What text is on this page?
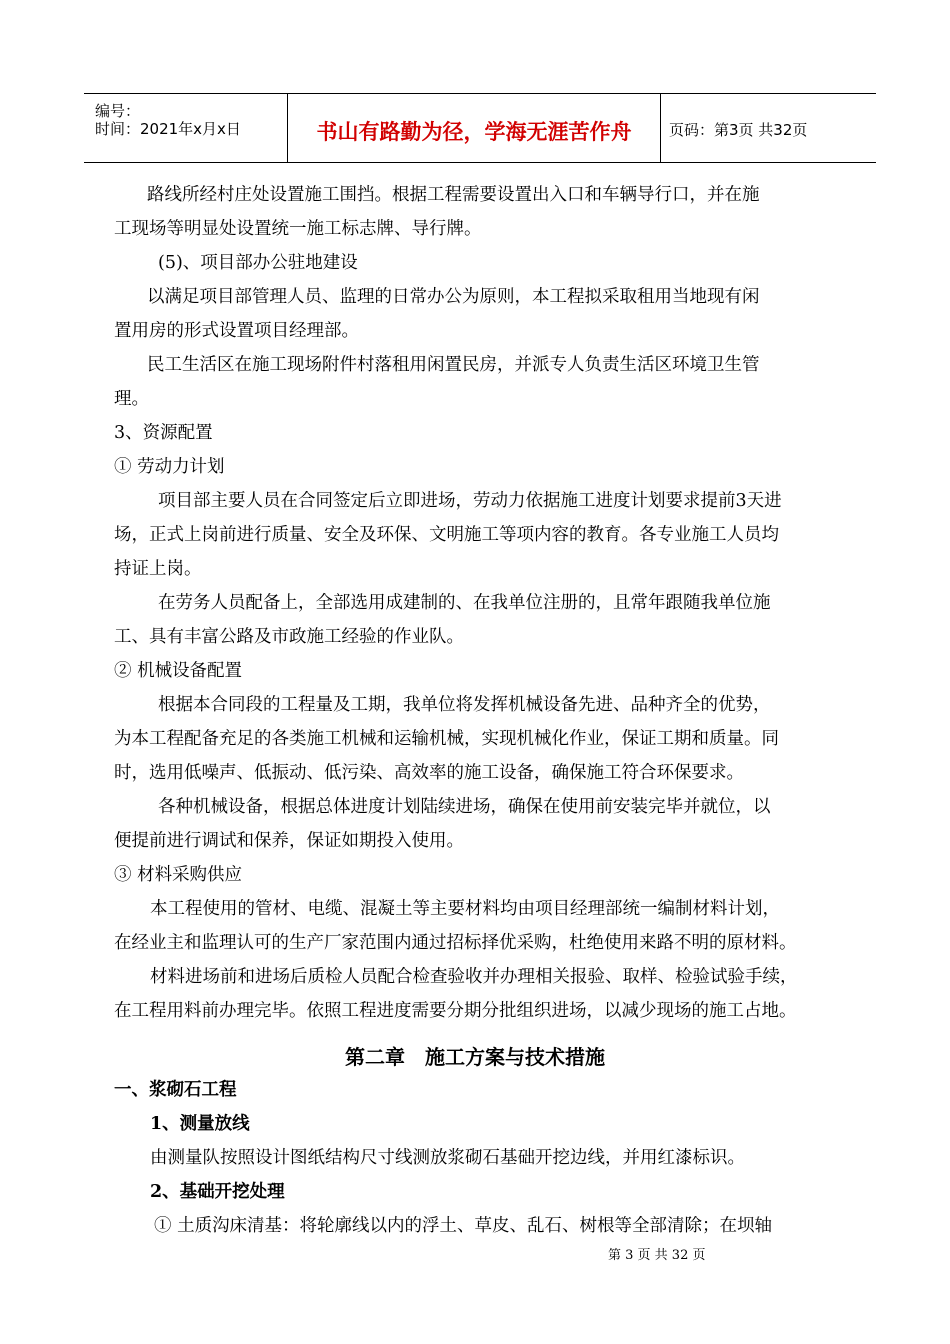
编号：
时间：2021年x月x日	书山有路勤为径，学海无涯苦作舟	页码：第3页 共32页
路线所经村庄处设置施工围挡。根据工程需要设置出入口和车辆导行口，并在施
工现场等明显处设置统一施工标志牌、导行牌。
(5)、项目部办公驻地建设
以满足项目部管理人员、监理的日常办公为原则，本工程拟采取租用当地现有闲
置用房的形式设置项目经理部。
民工生活区在施工现场附件村落租用闲置民房，并派专人负责生活区环境卫生管
理。
3、资源配置
① 劳动力计划
项目部主要人员在合同签定后立即进场，劳动力依据施工进度计划要求提前3天进
场，正式上岗前进行质量、安全及环保、文明施工等项内容的教育。各专业施工人员均
持证上岗。
在劳务人员配备上，全部选用成建制的、在我单位注册的，且常年跟随我单位施
工、具有丰富公路及市政施工经验的作业队。
② 机械设备配置
根据本合同段的工程量及工期，我单位将发挥机械设备先进、品种齐全的优势，
为本工程配备充足的各类施工机械和运输机械，实现机械化作业，保证工期和质量。同
时，选用低噪声、低振动、低污染、高效率的施工设备，确保施工符合环保要求。
各种机械设备，根据总体进度计划陆续进场，确保在使用前安装完毕并就位，以
便提前进行调试和保养，保证如期投入使用。
③ 材料采购供应
本工程使用的管材、电缆、混凝土等主要材料均由项目经理部统一编制材料计划，
在经业主和监理认可的生产厂家范围内通过招标择优采购，杜绝使用来路不明的原材料。
材料进场前和进场后质检人员配合检查验收并办理相关报验、取样、检验试验手续，
在工程用料前办理完毕。依照工程进度需要分期分批组织进场，以减少现场的施工占地。
第二章　施工方案与技术措施
一、浆砌石工程
1、测量放线
由测量队按照设计图纸结构尺寸线测放浆砌石基础开挖边线，并用红漆标识。
2、基础开挖处理
① 土质沟床清基：将轮廓线以内的浮土、草皮、乱石、树根等全部清除；在坝轴
第 3 页 共 32 页
